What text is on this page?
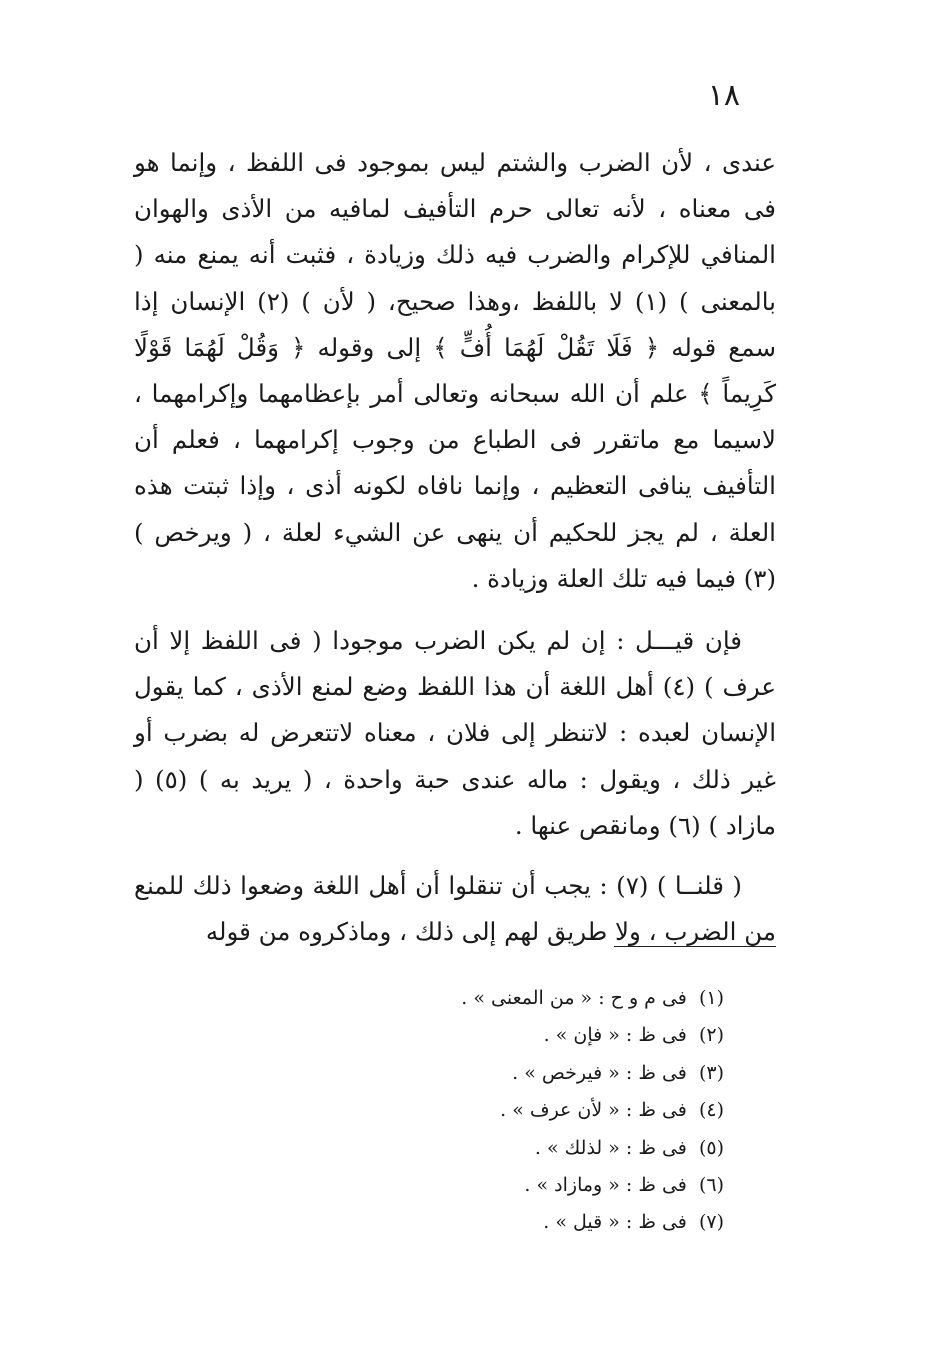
١٨

عندى ، لأن الضرب والشتم ليس بموجود فى اللفظ ، وإنما هو فى معناه ، لأنه تعالى حرم التأفيف لمافيه من الأذى والهوان المنافي للإكرام والضرب فيه ذلك وزيادة ، فثبت أنه يمنع منه ( بالمعنى ) (١) لا باللفظ ،وهذا صحيح، ( لأن ) (٢) الإنسان إذا سمع قوله ﴿ فَلَا تَقُلْ لَهُمَا أُفٍّ ﴾ إلى وقوله ﴿ وَقُلْ لَهُمَا قَوْلًا كَرِيماً ﴾ علم أن الله سبحانه وتعالى أمر بإعظامهما وإكرامهما ، لاسيما مع ماتقرر فى الطباع من وجوب إكرامهما ، فعلم أن التأفيف ينافى التعظيم ، وإنما نافاه لكونه أذى ، وإذا ثبتت هذه العلة ، لم يجز للحكيم أن ينهى عن الشيء لعلة ، ( ويرخص ) (٣) فيما فيه تلك العلة وزيادة .

فإن قيـــل : إن لم يكن الضرب موجودا ( فى اللفظ إلا أن عرف ) (٤) أهل اللغة أن هذا اللفظ وضع لمنع الأذى ، كما يقول الإنسان لعبده : لاتنظر إلى فلان ، معناه لاتتعرض له بضرب أو غير ذلك ، ويقول : ماله عندى حبة واحدة ، ( يريد به ) (٥) ( مازاد ) (٦) ومانقص عنها .

( قلنــا ) (٧) : يجب أن تنقلوا أن أهل اللغة وضعوا ذلك للمنع من الضرب ، ولا طريق لهم إلى ذلك ، وماذكروه من قوله

(١) فى م و ح : « من المعنى » .
(٢) فى ظ : « فإن » .
(٣) فى ظ : « فيرخص » .
(٤) فى ظ : « لأن عرف » .
(٥) فى ظ : « لذلك » .
(٦) فى ظ : « ومازاد » .
(٧) فى ظ : « قيل » .
